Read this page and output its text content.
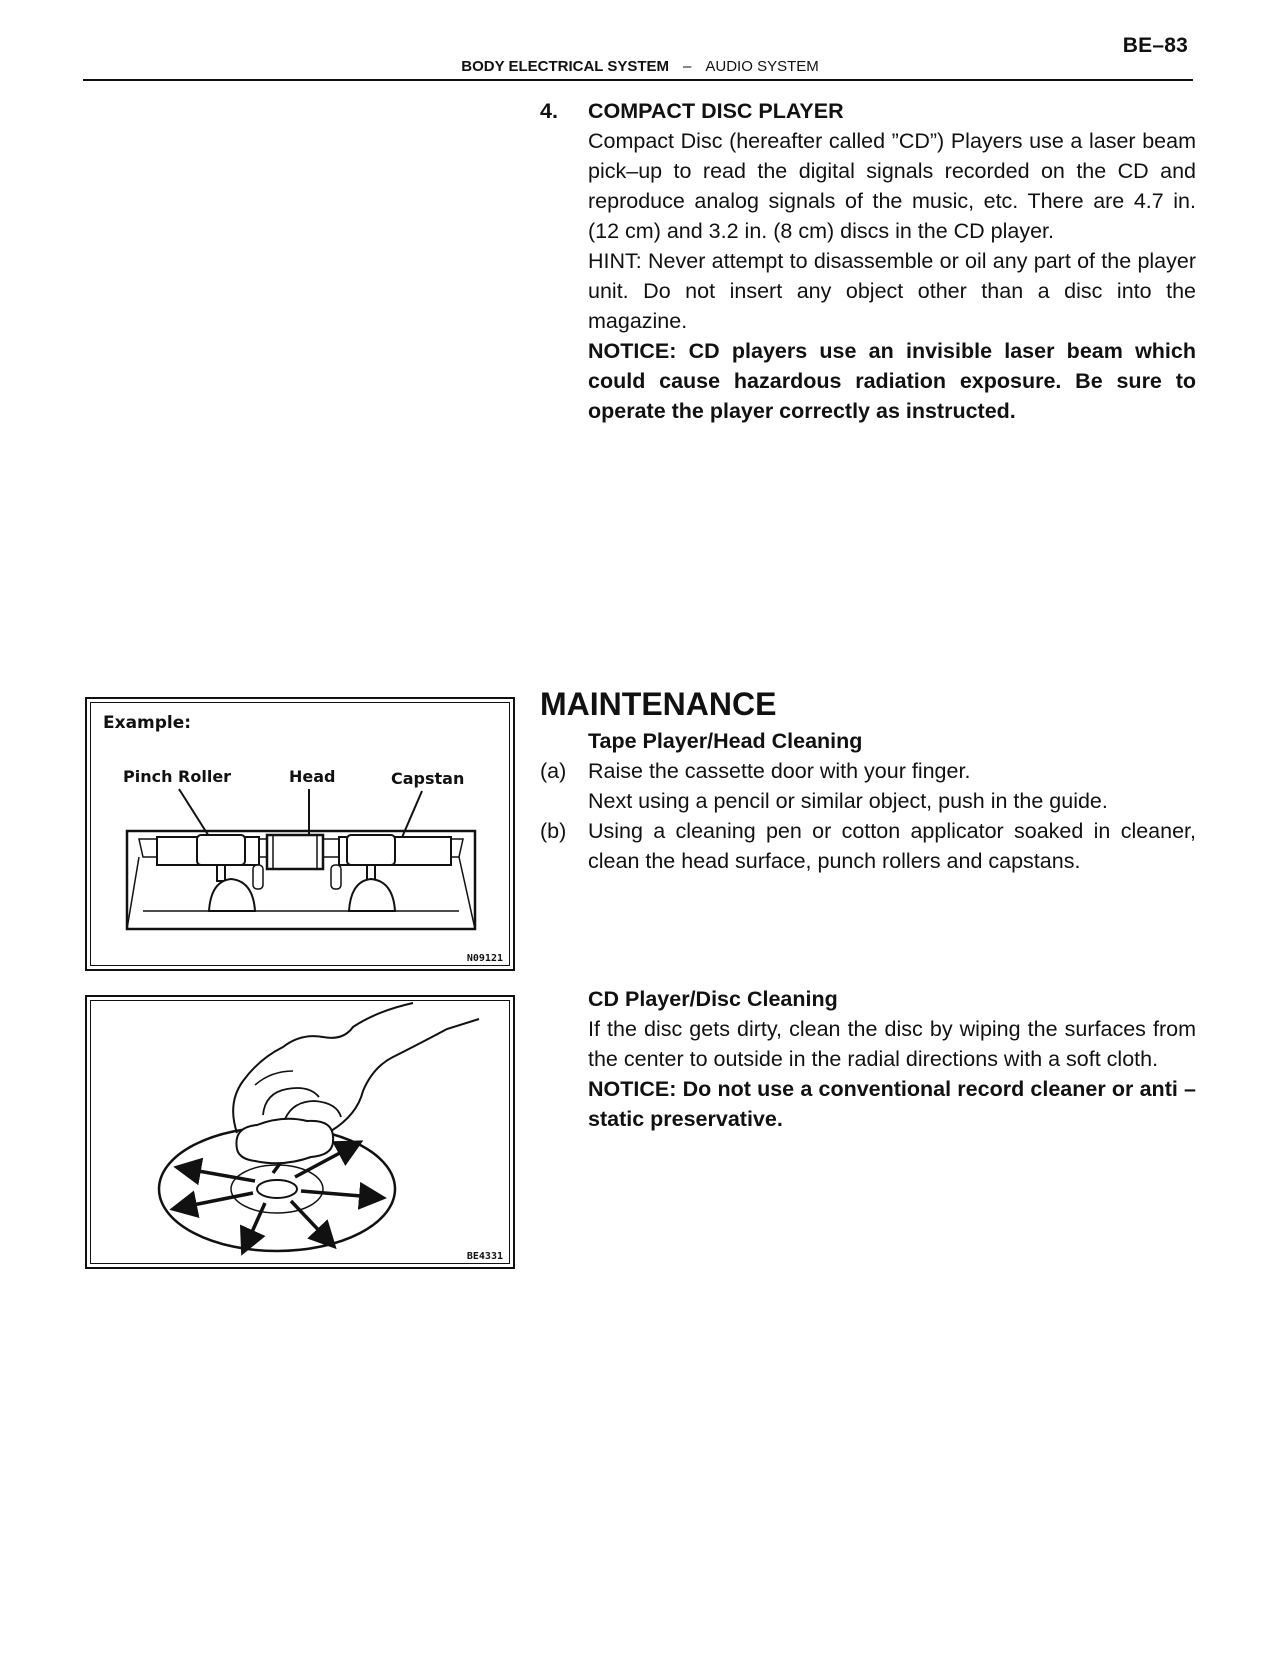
BE–83
BODY ELECTRICAL SYSTEM – AUDIO SYSTEM
4. COMPACT DISC PLAYER
Compact Disc (hereafter called ”CD”) Players use a laser beam pick–up to read the digital signals recorded on the CD and reproduce analog signals of the music, etc. There are 4.7 in. (12 cm) and 3.2 in. (8 cm) discs in the CD player.
HINT: Never attempt to disassemble or oil any part of the player unit. Do not insert any object other than a disc into the magazine.
NOTICE: CD players use an invisible laser beam which could cause hazardous radiation exposure. Be sure to operate the player correctly as instructed.
MAINTENANCE
Tape Player/Head Cleaning
(a) Raise the cassette door with your finger.
Next using a pencil or similar object, push in the guide.
(b) Using a cleaning pen or cotton applicator soaked in cleaner, clean the head surface, punch rollers and capstans.
CD Player/Disc Cleaning
If the disc gets dirty, clean the disc by wiping the surfaces from the center to outside in the radial directions with a soft cloth.
NOTICE: Do not use a conventional record cleaner or anti –static preservative.
Example:
Pinch Roller	Head	Capstan
N09121
BE4331
